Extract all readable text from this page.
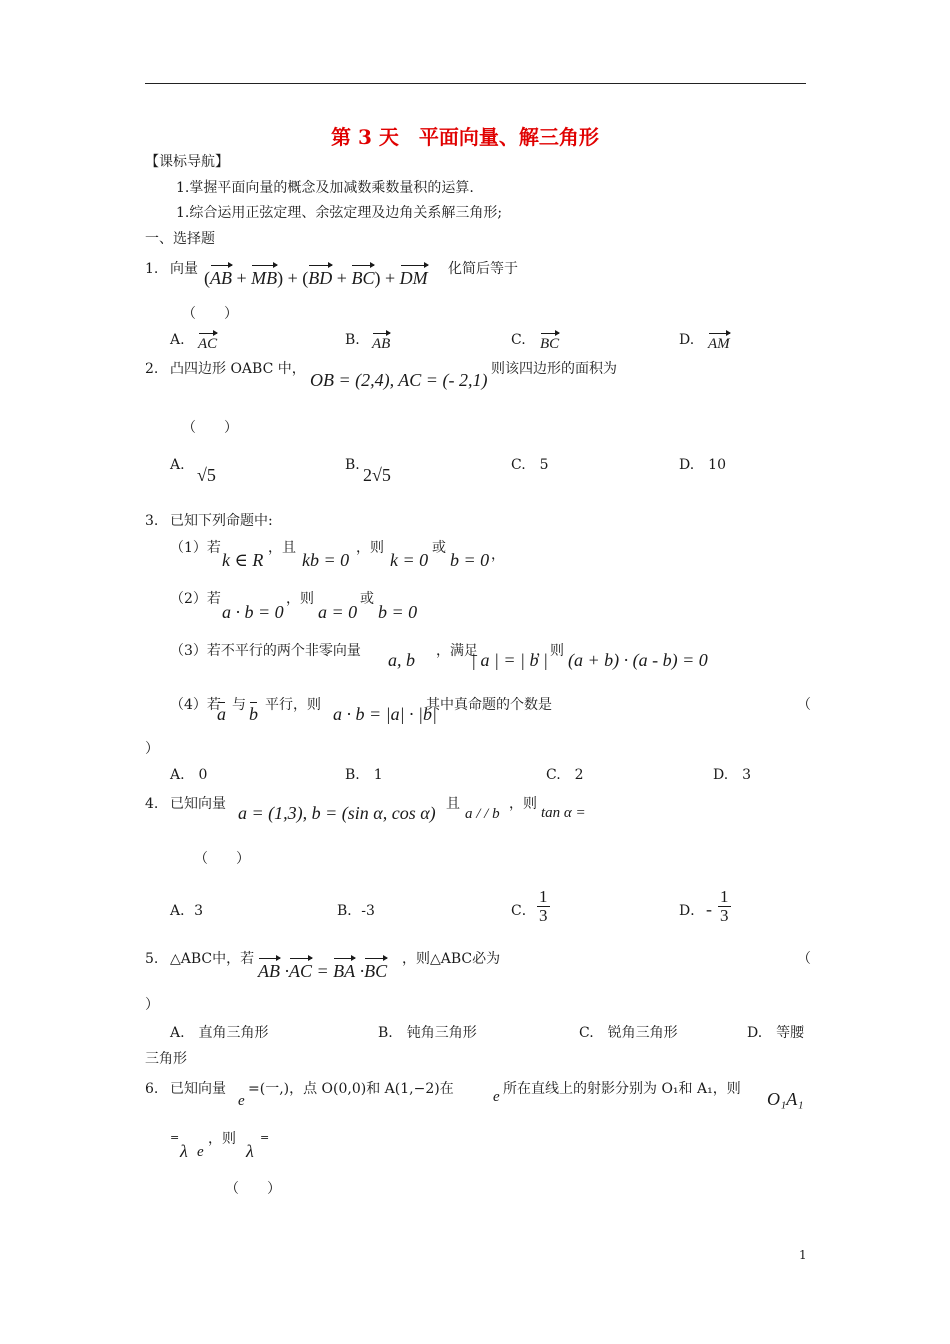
第 3 天　平面向量、解三角形
【课标导航】
1.掌握平面向量的概念及加减数乘数量积的运算.
1.综合运用正弦定理、余弦定理及边角关系解三角形;
一、选择题
1. 向量 (AB + MB) + (BD + BC) + DM 化简后等于
（　　）
A. AC	B. AB	C. BC	D. AM
2. 凸四边形 OABC 中，
OB = (2,4), AC = (- 2,1)
则该四边形的面积为
（　　）
A. √5	B. 2√5	C.　5	D.　10
3. 已知下列命题中:
（1）若
k ∈ R
，且
kb = 0
，则
k = 0
或
b = 0 ，
（2）若
a · b = 0
，则
a = 0
或
b = 0
（3）若不平行的两个非零向量 a, b ，满足
| a | = | b |
，则 (a + b) · (a - b) = 0
（4）若
a 与 b 平行，则 a · b = |a| · |b|
其中真命题的个数是	（
）
A.　0	B.　1	C.　2	D.　3
4. 已知向量 a = (1,3), b = (sin α, cos α) 且
a / / b
，则
tan α =
（　　）
A．3	B．-3	C． $\frac{1}{3}$	D． - $\frac{1}{3}$
5. △ABC中，若
AB ·AC = BA ·BC
，则△ABC必为	（
）
A.　直角三角形	B.　钝角三角形	C.　锐角三角形	D.　等腰
三角形
6. 已知向量
e
=(一,)，点 O(0,0)和 A(1,−2)在	e 所在直线上的射影分别为 O₁和 A₁，则 O₁A₁
=
λ e
，则
λ
=
（　　）
1
